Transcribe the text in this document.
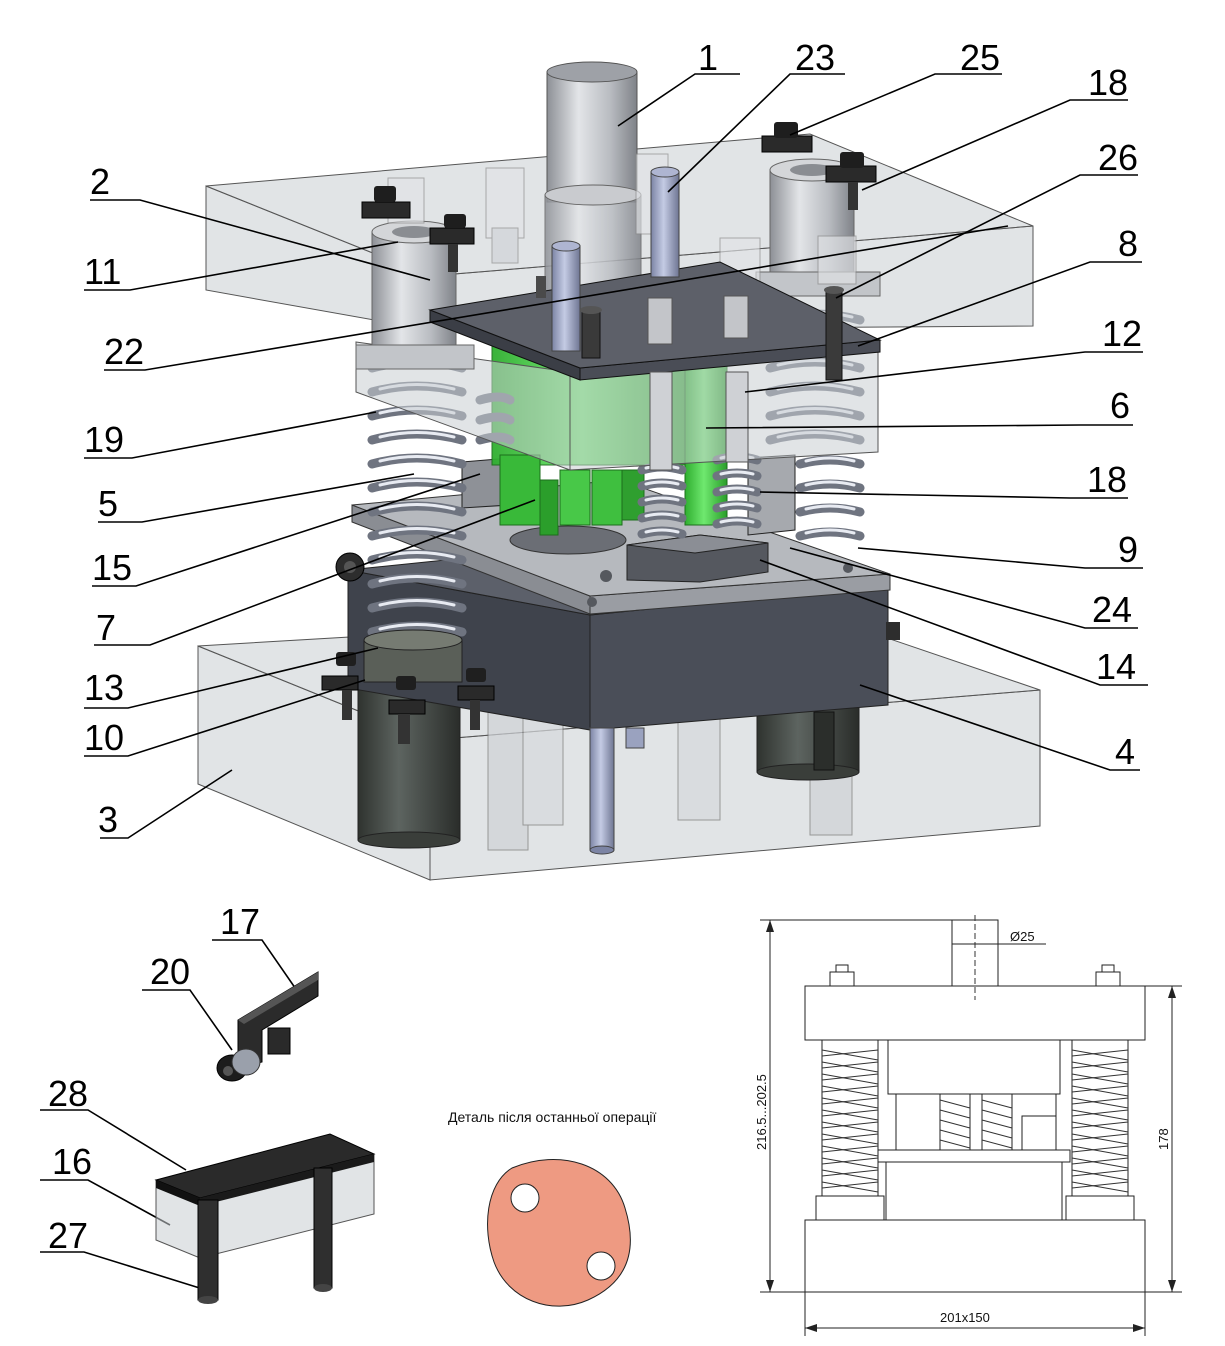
1 23	25
18
26
8
12
6
18
9
24
14
4
2
11
22
19
5
15
7
13
10
3
17
20
28
16
27
Деталь після останньої операції
Ø25
216.5...202.5	178
201x150
